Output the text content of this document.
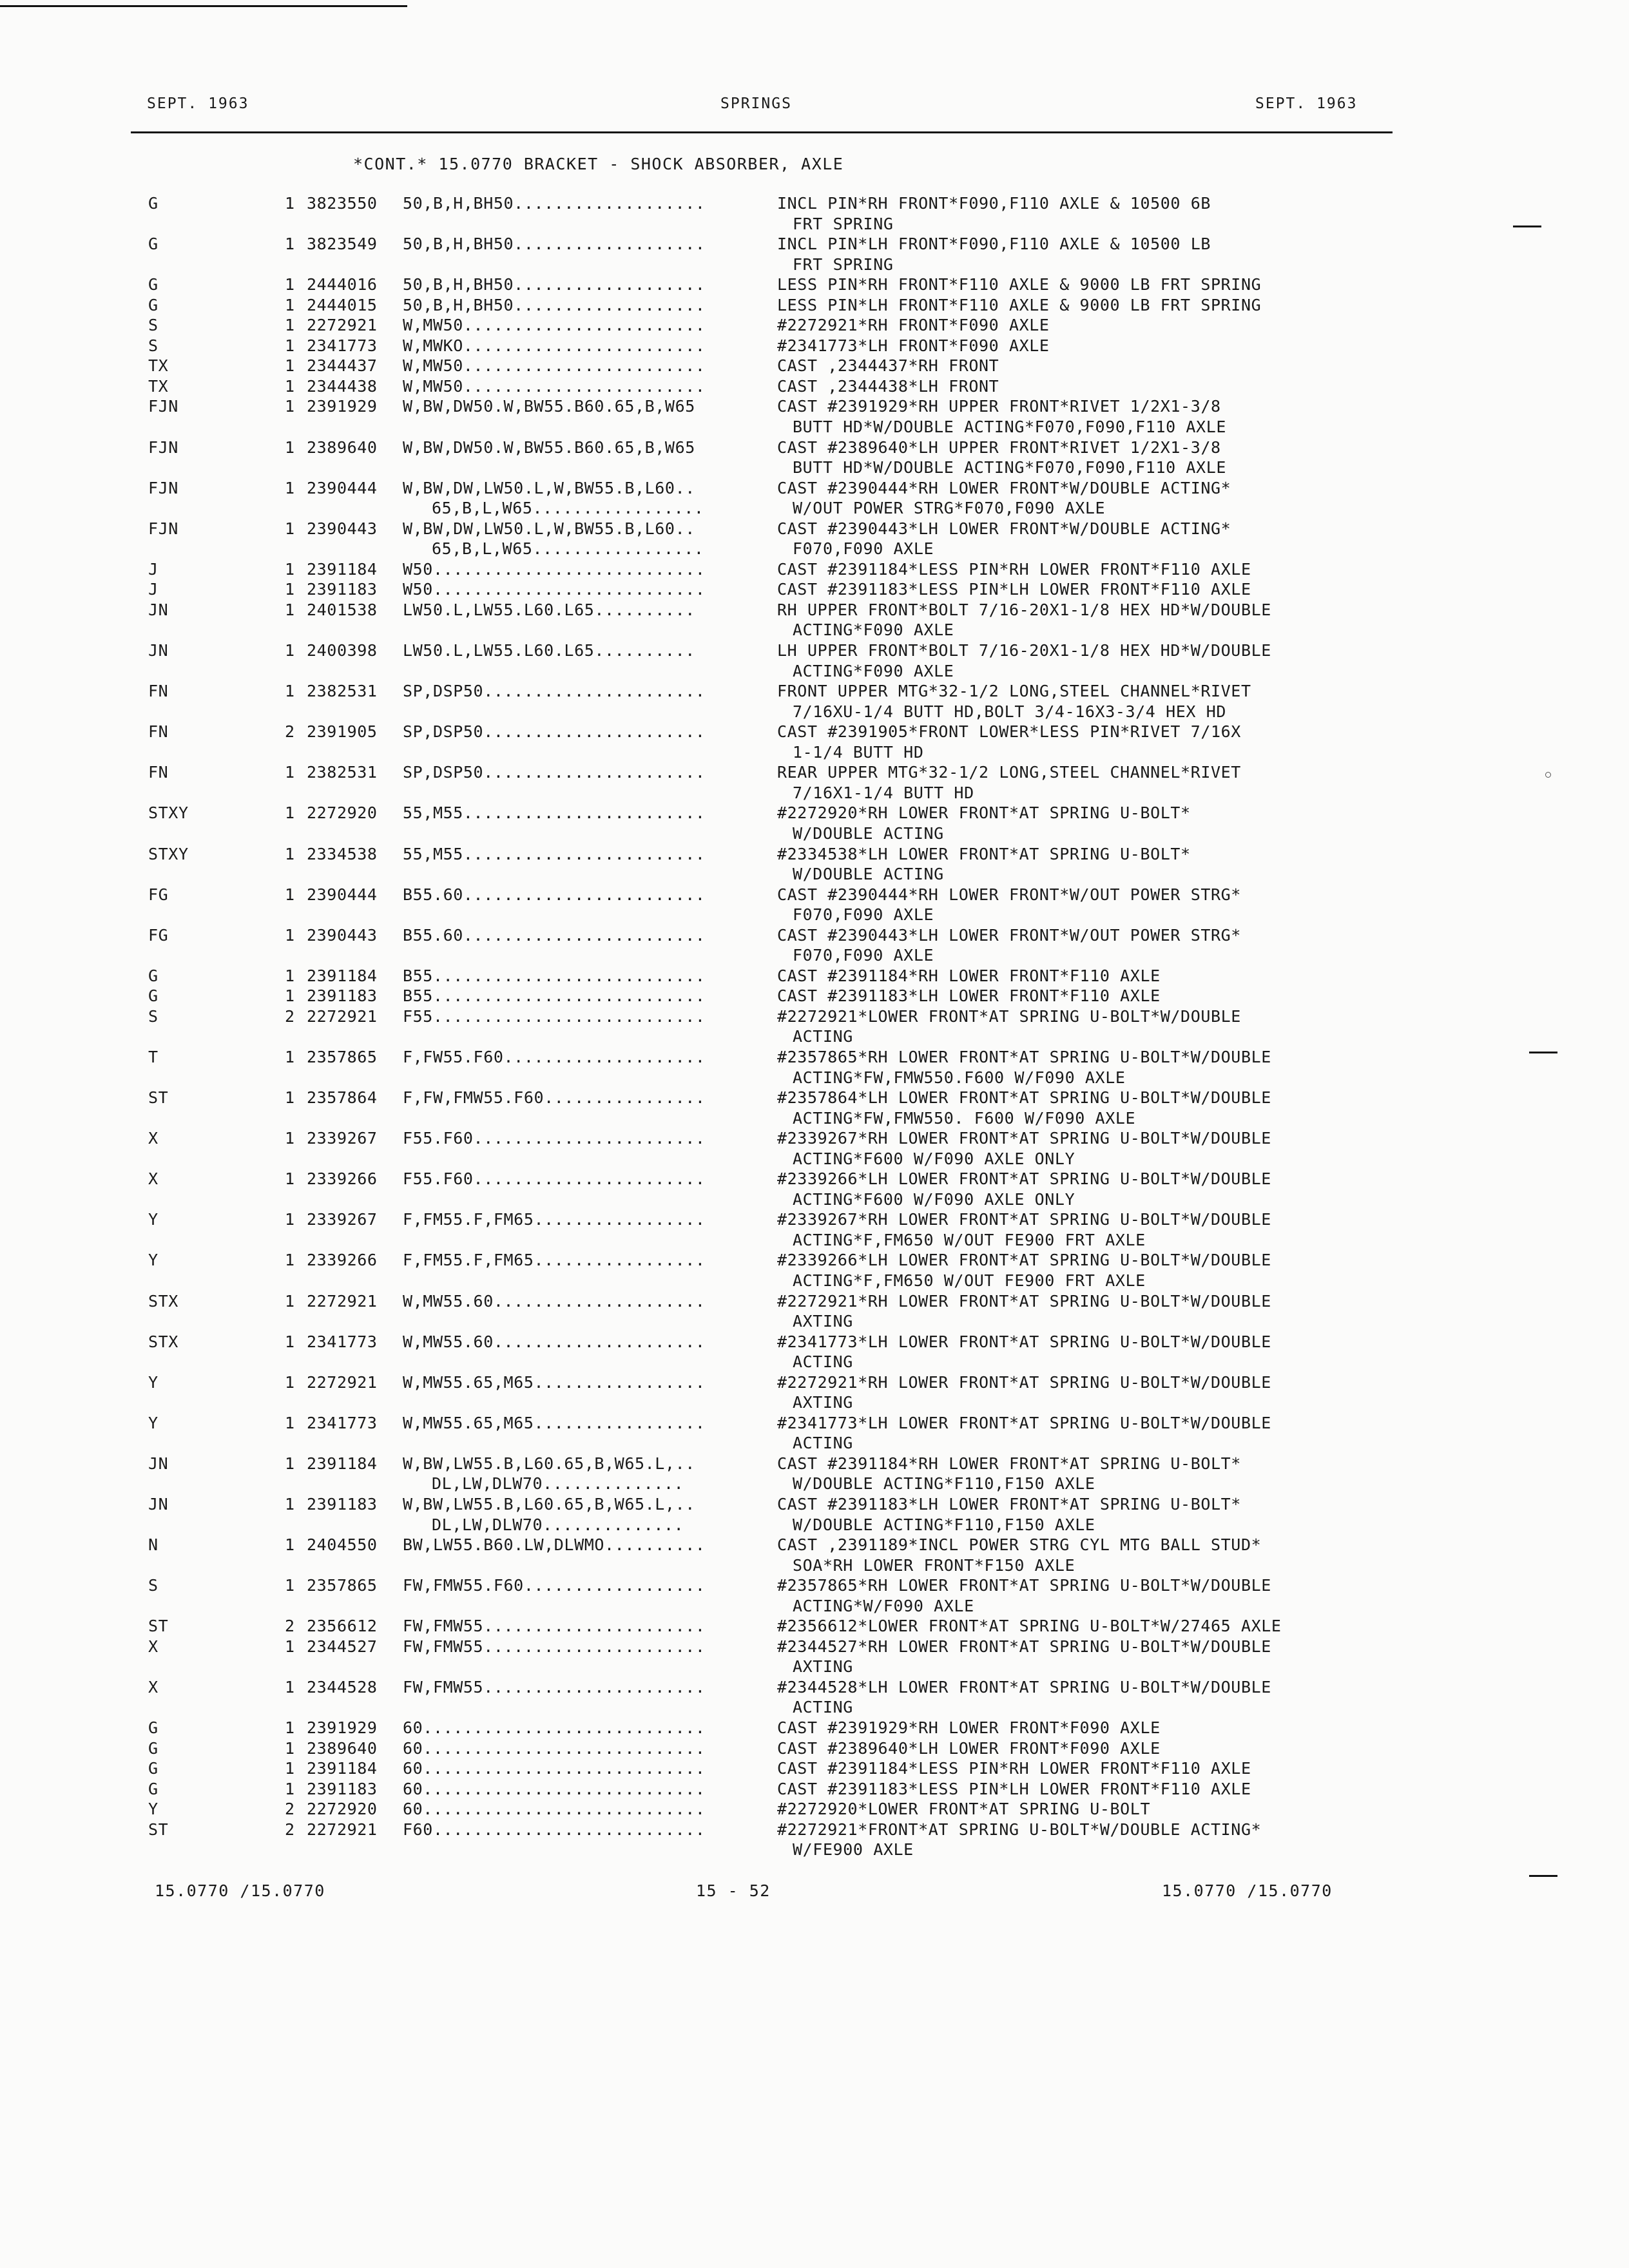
SEPT. 1963	SPRINGS	SEPT. 1963
*CONT.* 15.0770 BRACKET - SHOCK ABSORBER, AXLE
G	1 3823550 50,B,H,BH50...................	INCL PIN*RH FRONT*F090,F110 AXLE & 10500 6B
FRT SPRING
G	1 3823549 50,B,H,BH50...................	INCL PIN*LH FRONT*F090,F110 AXLE & 10500 LB
FRT SPRING
G	1 2444016 50,B,H,BH50...................	LESS PIN*RH FRONT*F110 AXLE & 9000 LB FRT SPRING
G	1 2444015 50,B,H,BH50...................	LESS PIN*LH FRONT*F110 AXLE & 9000 LB FRT SPRING
S	1 2272921 W,MW50........................	#2272921*RH FRONT*F090 AXLE
S	1 2341773 W,MWKO........................	#2341773*LH FRONT*F090 AXLE
TX	1 2344437 W,MW50........................	CAST ,2344437*RH FRONT
TX	1 2344438 W,MW50........................	CAST ,2344438*LH FRONT
FJN	1 2391929 W,BW,DW50.W,BW55.B60.65,B,W65	CAST #2391929*RH UPPER FRONT*RIVET 1/2X1-3/8
BUTT HD*W/DOUBLE ACTING*F070,F090,F110 AXLE
FJN	1 2389640 W,BW,DW50.W,BW55.B60.65,B,W65	CAST #2389640*LH UPPER FRONT*RIVET 1/2X1-3/8
BUTT HD*W/DOUBLE ACTING*F070,F090,F110 AXLE
FJN	1 2390444 W,BW,DW,LW50.L,W,BW55.B,L60..	CAST #2390444*RH LOWER FRONT*W/DOUBLE ACTING*
65,B,L,W65.................	W/OUT POWER STRG*F070,F090 AXLE
FJN	1 2390443 W,BW,DW,LW50.L,W,BW55.B,L60..	CAST #2390443*LH LOWER FRONT*W/DOUBLE ACTING*
65,B,L,W65.................	F070,F090 AXLE
J	1 2391184 W50...........................	CAST #2391184*LESS PIN*RH LOWER FRONT*F110 AXLE
J	1 2391183 W50...........................	CAST #2391183*LESS PIN*LH LOWER FRONT*F110 AXLE
JN	1 2401538 LW50.L,LW55.L60.L65..........	RH UPPER FRONT*BOLT 7/16-20X1-1/8 HEX HD*W/DOUBLE
ACTING*F090 AXLE
JN	1 2400398 LW50.L,LW55.L60.L65..........	LH UPPER FRONT*BOLT 7/16-20X1-1/8 HEX HD*W/DOUBLE
ACTING*F090 AXLE
FN	1 2382531 SP,DSP50......................	FRONT UPPER MTG*32-1/2 LONG,STEEL CHANNEL*RIVET
7/16XU-1/4 BUTT HD,BOLT 3/4-16X3-3/4 HEX HD
FN	2 2391905 SP,DSP50......................	CAST #2391905*FRONT LOWER*LESS PIN*RIVET 7/16X
1-1/4 BUTT HD
FN	1 2382531 SP,DSP50......................	REAR UPPER MTG*32-1/2 LONG,STEEL CHANNEL*RIVET
7/16X1-1/4 BUTT HD
STXY	1 2272920 55,M55........................	#2272920*RH LOWER FRONT*AT SPRING U-BOLT*
W/DOUBLE ACTING
STXY	1 2334538 55,M55........................	#2334538*LH LOWER FRONT*AT SPRING U-BOLT*
W/DOUBLE ACTING
FG	1 2390444 B55.60........................	CAST #2390444*RH LOWER FRONT*W/OUT POWER STRG*
F070,F090 AXLE
FG	1 2390443 B55.60........................	CAST #2390443*LH LOWER FRONT*W/OUT POWER STRG*
F070,F090 AXLE
G	1 2391184 B55...........................	CAST #2391184*RH LOWER FRONT*F110 AXLE
G	1 2391183 B55...........................	CAST #2391183*LH LOWER FRONT*F110 AXLE
S	2 2272921 F55...........................	#2272921*LOWER FRONT*AT SPRING U-BOLT*W/DOUBLE
ACTING
T	1 2357865 F,FW55.F60....................	#2357865*RH LOWER FRONT*AT SPRING U-BOLT*W/DOUBLE
ACTING*FW,FMW550.F600 W/F090 AXLE
ST	1 2357864 F,FW,FMW55.F60................	#2357864*LH LOWER FRONT*AT SPRING U-BOLT*W/DOUBLE
ACTING*FW,FMW550. F600 W/F090 AXLE
X	1 2339267 F55.F60.......................	#2339267*RH LOWER FRONT*AT SPRING U-BOLT*W/DOUBLE
ACTING*F600 W/F090 AXLE ONLY
X	1 2339266 F55.F60.......................	#2339266*LH LOWER FRONT*AT SPRING U-BOLT*W/DOUBLE
ACTING*F600 W/F090 AXLE ONLY
Y	1 2339267 F,FM55.F,FM65.................	#2339267*RH LOWER FRONT*AT SPRING U-BOLT*W/DOUBLE
ACTING*F,FM650 W/OUT FE900 FRT AXLE
Y	1 2339266 F,FM55.F,FM65.................	#2339266*LH LOWER FRONT*AT SPRING U-BOLT*W/DOUBLE
ACTING*F,FM650 W/OUT FE900 FRT AXLE
STX	1 2272921 W,MW55.60.....................	#2272921*RH LOWER FRONT*AT SPRING U-BOLT*W/DOUBLE
AXTING
STX	1 2341773 W,MW55.60.....................	#2341773*LH LOWER FRONT*AT SPRING U-BOLT*W/DOUBLE
ACTING
Y	1 2272921 W,MW55.65,M65.................	#2272921*RH LOWER FRONT*AT SPRING U-BOLT*W/DOUBLE
AXTING
Y	1 2341773 W,MW55.65,M65.................	#2341773*LH LOWER FRONT*AT SPRING U-BOLT*W/DOUBLE
ACTING
JN	1 2391184 W,BW,LW55.B,L60.65,B,W65.L,..	CAST #2391184*RH LOWER FRONT*AT SPRING U-BOLT*
DL,LW,DLW70..............	W/DOUBLE ACTING*F110,F150 AXLE
JN	1 2391183 W,BW,LW55.B,L60.65,B,W65.L,..	CAST #2391183*LH LOWER FRONT*AT SPRING U-BOLT*
DL,LW,DLW70..............	W/DOUBLE ACTING*F110,F150 AXLE
N	1 2404550 BW,LW55.B60.LW,DLWMO..........	CAST ,2391189*INCL POWER STRG CYL MTG BALL STUD*
SOA*RH LOWER FRONT*F150 AXLE
S	1 2357865 FW,FMW55.F60..................	#2357865*RH LOWER FRONT*AT SPRING U-BOLT*W/DOUBLE
ACTING*W/F090 AXLE
ST	2 2356612 FW,FMW55......................	#2356612*LOWER FRONT*AT SPRING U-BOLT*W/27465 AXLE
X	1 2344527 FW,FMW55......................	#2344527*RH LOWER FRONT*AT SPRING U-BOLT*W/DOUBLE
AXTING
X	1 2344528 FW,FMW55......................	#2344528*LH LOWER FRONT*AT SPRING U-BOLT*W/DOUBLE
ACTING
G	1 2391929 60............................	CAST #2391929*RH LOWER FRONT*F090 AXLE
G	1 2389640 60............................	CAST #2389640*LH LOWER FRONT*F090 AXLE
G	1 2391184 60............................	CAST #2391184*LESS PIN*RH LOWER FRONT*F110 AXLE
G	1 2391183 60............................	CAST #2391183*LESS PIN*LH LOWER FRONT*F110 AXLE
Y	2 2272920 60............................	#2272920*LOWER FRONT*AT SPRING U-BOLT
ST	2 2272921 F60...........................	#2272921*FRONT*AT SPRING U-BOLT*W/DOUBLE ACTING*
W/FE900 AXLE
15.0770 /15.0770	15 - 52	15.0770 /15.0770
